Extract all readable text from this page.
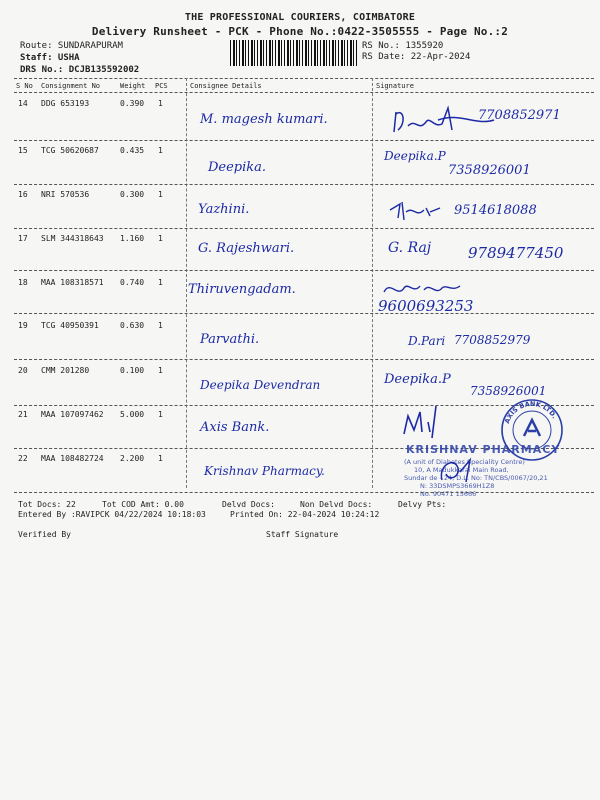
THE PROFESSIONAL COURIERS, COIMBATORE
Delivery Runsheet - PCK - Phone No.:0422-3505555 - Page No.:2
Route: SUNDARAPURAM
Staff: USHA
DRS No.: DCJB135592002
RS No.: 1355920
RS Date: 22-Apr-2024
S No Consignment No	Weight PCS	Consignee Details	Signature
14 DDG 653193	0.390 1
M. magesh kumari.	7708852971
15 TCG 50620687	0.435 1
Deepika.
Deepika.P
7358926001
16 NRI 570536	0.300 1
Yazhini.	9514618088
17 SLM 344318643 1.160 1
G. Rajeshwari.	G. Raj 9789477450
18 MAA 108318571 0.740 1 Thiruvengadam.
9600693253
19 TCG 40950391	0.630 1
Parvathi.	D.Pari 7708852979
20 CMM 201280	0.100 1
Deepika Devendran	Deepika.P
7358926001
21 MAA 107097462 5.000 1
Axis Bank.	AXIS BANK LTD.
22 MAA 108482724 2.200 1
Krishnav Pharmacy.
KRISHNAV PHARMACY
(A unit of Diabetes Speciality Centre)
10, A Madukkarai Main Road,
Sundar de - 24, D.L. No: TN/CBS/0067/20,21
N: 33DSMPS3669H1Z8
No. 90471 15666
Tot Docs: 22	Tot COD Amt: 0.00	Delvd Docs:	Non Delvd Docs:	Delvy Pts:
Entered By :RAVIPCK 04/22/2024 10:18:03	Printed On: 22-04-2024 10:24:12
Verified By	Staff Signature
